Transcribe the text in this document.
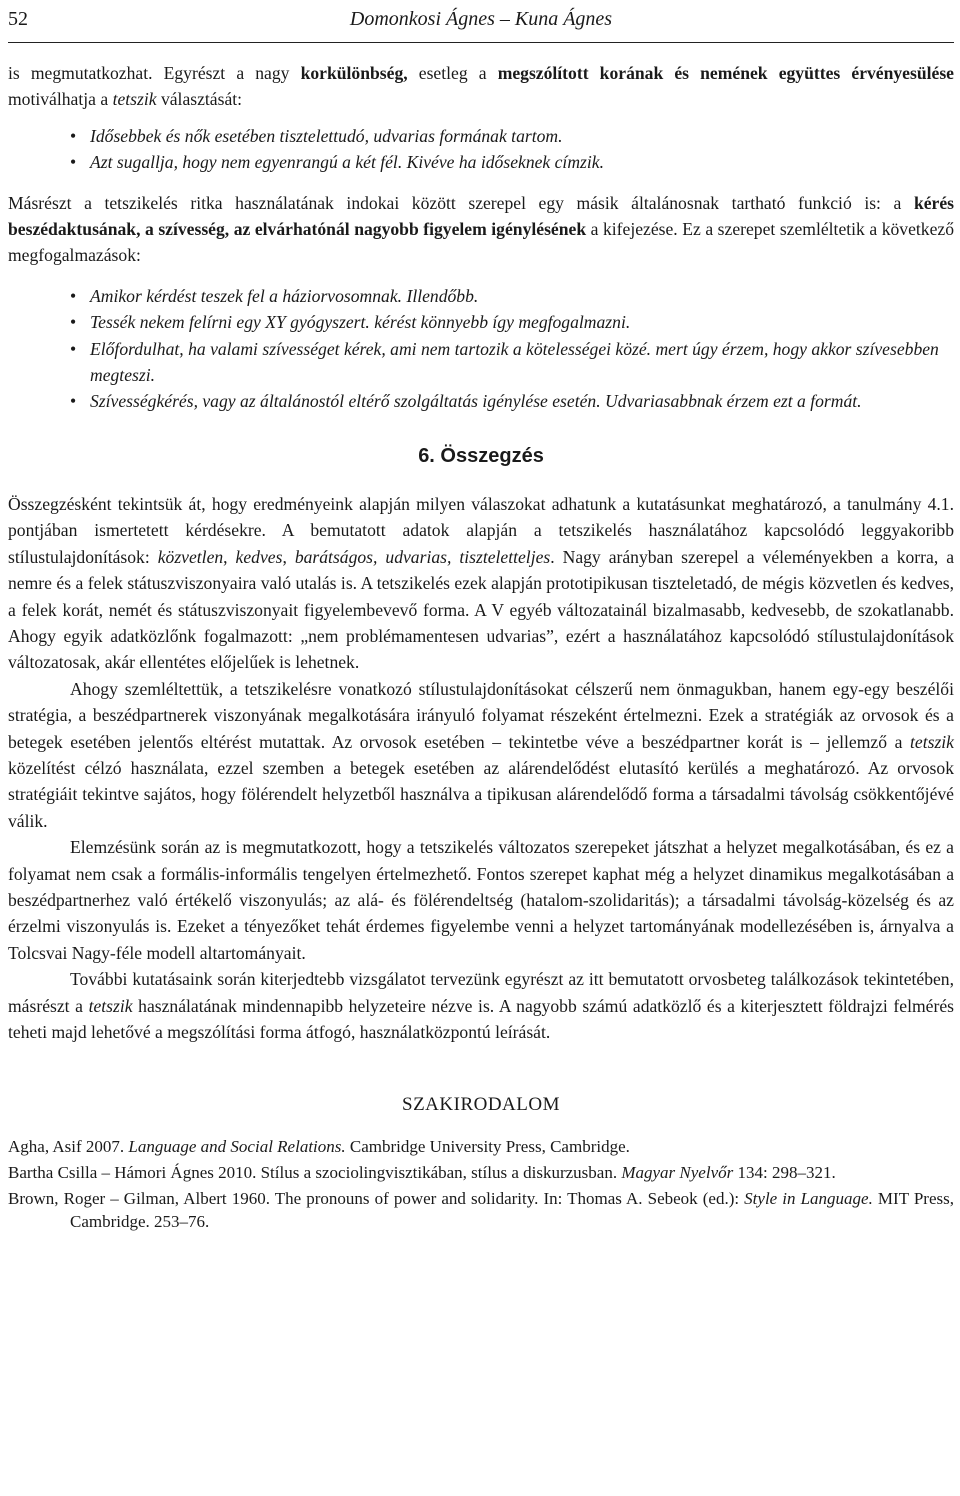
52	Domonkosi Ágnes – Kuna Ágnes

is megmutatkozhat. Egyrészt a nagy korkülönbség, esetleg a megszólított korának és nemének együttes érvényesülése motiválhatja a tetszik választását:

• Idősebbek és nők esetében tisztelettudó, udvarias formának tartom.
• Azt sugallja, hogy nem egyenrangú a két fél. Kivéve ha időseknek címzik.

Másrészt a tetszikelés ritka használatának indokai között szerepel egy másik általánosnak tartható funkció is: a kérés beszédaktusának, a szívesség, az elvárhatónál nagyobb figyelem igénylésének a kifejezése. Ez a szerepet szemléltetik a következő megfogalmazások:

• Amikor kérdést teszek fel a háziorvosomnak. Illendőbb.
• Tessék nekem felírni egy XY gyógyszert. kérést könnyebb így megfogalmazni.
• Előfordulhat, ha valami szívességet kérek, ami nem tartozik a kötelességei közé. mert úgy érzem, hogy akkor szívesebben megteszi.
• Szívességkérés, vagy az általánostól eltérő szolgáltatás igénylése esetén. Udvariasabbnak érzem ezt a formát.
6. Összegzés

Összegzésként tekintsük át, hogy eredményeink alapján milyen válaszokat adhatunk a kutatásunkat meghatározó, a tanulmány 4.1. pontjában ismertetett kérdésekre. A bemutatott adatok alapján a tetszikelés használatához kapcsolódó leggyakoribb stílustulajdonítások: közvetlen, kedves, barátságos, udvarias, tiszteletteljes. Nagy arányban szerepel a véleményekben a korra, a nemre és a felek státuszviszonyaira való utalás is. A tetszikelés ezek alapján prototipikusan tiszteletadó, de mégis közvetlen és kedves, a felek korát, nemét és státuszviszonyait figyelembevevő forma. A V egyéb változatainál bizalmasabb, kedvesebb, de szokatlanabb. Ahogy egyik adatközlőnk fogalmazott: „nem problémamentesen udvarias”, ezért a használatához kapcsolódó stílustulajdonítások változatosak, akár ellentétes előjelűek is lehetnek.

Ahogy szemléltettük, a tetszikelésre vonatkozó stílustulajdonításokat célszerű nem önmagukban, hanem egy-egy beszélői stratégia, a beszédpartnerek viszonyának megalkotására irányuló folyamat részeként értelmezni. Ezek a stratégiák az orvosok és a betegek esetében jelentős eltérést mutattak. Az orvosok esetében – tekintetbe véve a beszédpartner korát is – jellemző a tetszik közelítést célzó használata, ezzel szemben a betegek esetében az alárendelődést elutasító kerülés a meghatározó. Az orvosok stratégiáit tekintve sajátos, hogy fölérendelt helyzetből használva a tipikusan alárendelődő forma a társadalmi távolság csökkentőjévé válik.

Elemzésünk során az is megmutatkozott, hogy a tetszikelés változatos szerepeket játszhat a helyzet megalkotásában, és ez a folyamat nem csak a formális-informális tengelyen értelmezhető. Fontos szerepet kaphat még a helyzet dinamikus megalkotásában a beszédpartnerhez való értékelő viszonyulás; az alá- és fölérendeltség (hatalom-szolidaritás); a társadalmi távolság-közelség és az érzelmi viszonyulás is. Ezeket a tényezőket tehát érdemes figyelembe venni a helyzet tartományának modellezésében is, árnyalva a Tolcsvai Nagy-féle modell altartományait.

További kutatásaink során kiterjedtebb vizsgálatot tervezünk egyrészt az itt bemutatott orvosbeteg találkozások tekintetében, másrészt a tetszik használatának mindennapibb helyzeteire nézve is. A nagyobb számú adatközlő és a kiterjesztett földrajzi felmérés teheti majd lehetővé a megszólítási forma átfogó, használatközpontú leírását.

SZAKIRODALOM

Agha, Asif 2007. Language and Social Relations. Cambridge University Press, Cambridge.

Bartha Csilla – Hámori Ágnes 2010. Stílus a szociolingvisztikában, stílus a diskurzusban. Magyar Nyelvőr 134: 298–321.

Brown, Roger – Gilman, Albert 1960. The pronouns of power and solidarity. In: Thomas A. Sebeok (ed.): Style in Language. MIT Press, Cambridge. 253–76.
